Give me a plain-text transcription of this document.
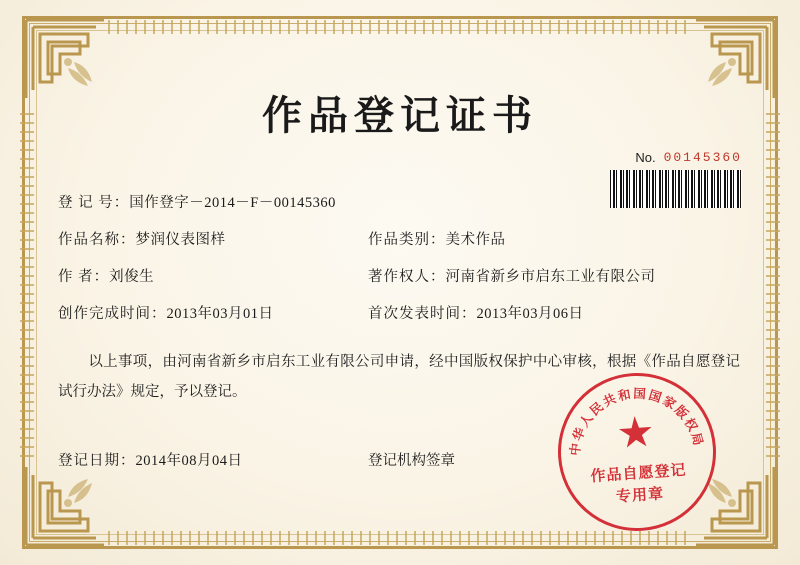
作品登记证书
No. 00145360
登 记 号：国作登字－2014－F－00145360
作品名称：梦润仪表图样	作品类别：美术作品
作 者：刘俊生	著作权人：河南省新乡市启东工业有限公司
创作完成时间：2013年03月01日	首次发表时间：2013年03月06日
以上事项，由河南省新乡市启东工业有限公司申请，经中国版权保护中心审核，根据《作品自愿登记试行办法》规定，予以登记。
登记日期：2014年08月04日	登记机构签章
中华人民共和国国家版权局
作品自愿登记
专用章
